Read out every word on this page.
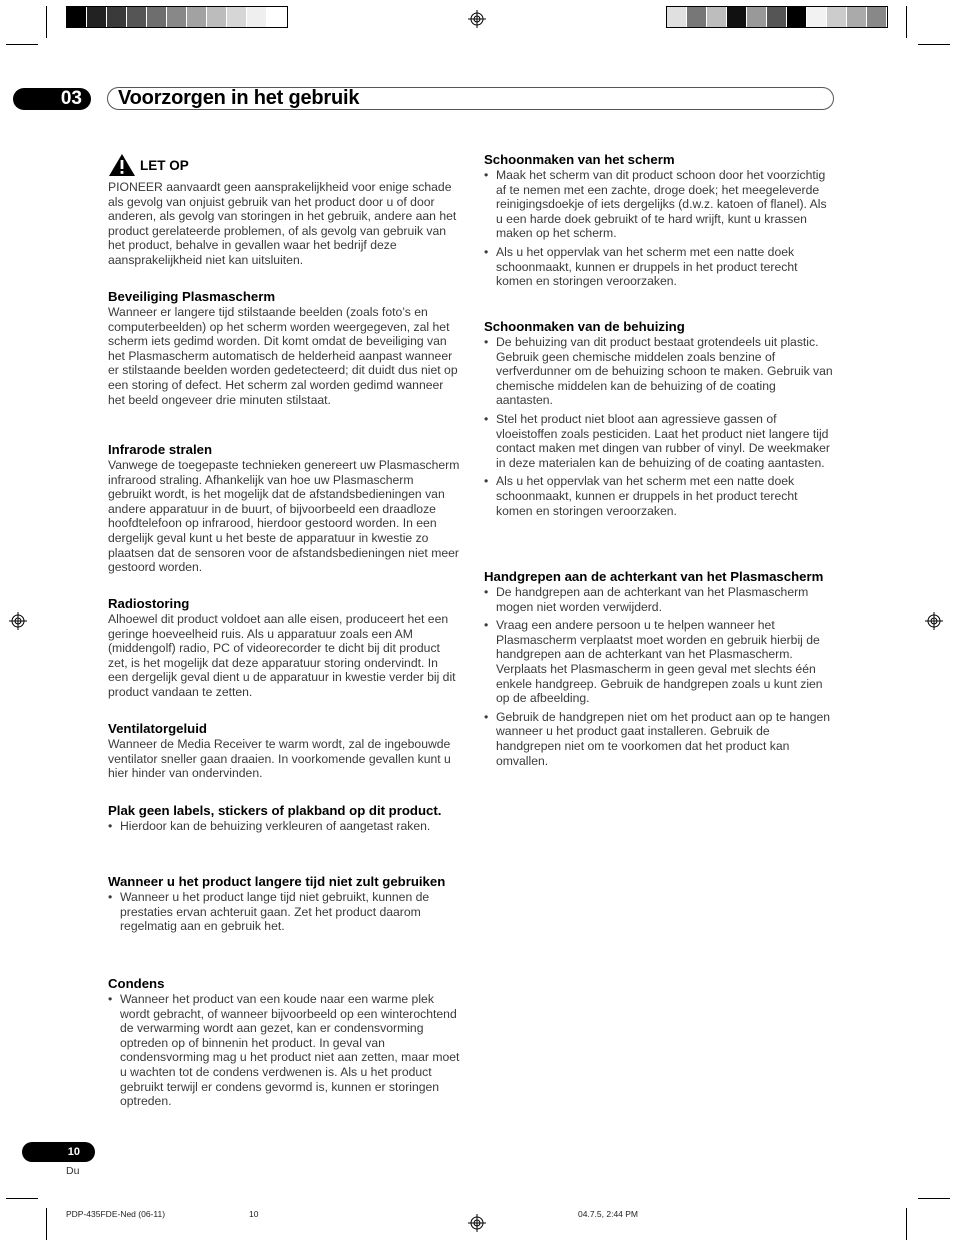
03	Voorzorgen in het gebruik
LET OP

PIONEER aanvaardt geen aansprakelijkheid voor enige schade als gevolg van onjuist gebruik van het product door u of door anderen, als gevolg van storingen in het gebruik, andere aan het product gerelateerde problemen, of als gevolg van gebruik van het product, behalve in gevallen waar het bedrijf deze aansprakelijkheid niet kan uitsluiten.

Beveiliging Plasmascherm

Wanneer er langere tijd stilstaande beelden (zoals foto’s en computerbeelden) op het scherm worden weergegeven, zal het scherm iets gedimd worden. Dit komt omdat de beveiliging van het Plasmascherm automatisch de helderheid aanpast wanneer er stilstaande beelden worden gedetecteerd; dit duidt dus niet op een storing of defect. Het scherm zal worden gedimd wanneer het beeld ongeveer drie minuten stilstaat.

Infrarode stralen

Vanwege de toegepaste technieken genereert uw Plasmascherm infrarood straling. Afhankelijk van hoe uw Plasmascherm gebruikt wordt, is het mogelijk dat de afstandsbedieningen van andere apparatuur in de buurt, of bijvoorbeeld een draadloze hoofdtelefoon op infrarood, hierdoor gestoord worden. In een dergelijk geval kunt u het beste de apparatuur in kwestie zo plaatsen dat de sensoren voor de afstandsbedieningen niet meer gestoord worden.

Radiostoring

Alhoewel dit product voldoet aan alle eisen, produceert het een geringe hoeveelheid ruis. Als u apparatuur zoals een AM (middengolf) radio, PC of videorecorder te dicht bij dit product zet, is het mogelijk dat deze apparatuur storing ondervindt. In een dergelijk geval dient u de apparatuur in kwestie verder bij dit product vandaan te zetten.

Ventilatorgeluid

Wanneer de Media Receiver te warm wordt, zal de ingebouwde ventilator sneller gaan draaien. In voorkomende gevallen kunt u hier hinder van ondervinden.

Plak geen labels, stickers of plakband op dit product.
• Hierdoor kan de behuizing verkleuren of aangetast raken.
Wanneer u het product langere tijd niet zult gebruiken
• Wanneer u het product lange tijd niet gebruikt, kunnen de prestaties ervan achteruit gaan. Zet het product daarom regelmatig aan en gebruik het.
Condens
• Wanneer het product van een koude naar een warme plek wordt gebracht, of wanneer bijvoorbeeld op een winterochtend de verwarming wordt aan gezet, kan er condensvorming optreden op of binnenin het product. In geval van condensvorming mag u het product niet aan zetten, maar moet u wachten tot de condens verdwenen is. Als u het product gebruikt terwijl er condens gevormd is, kunnen er storingen optreden.
Schoonmaken van het scherm
• Maak het scherm van dit product schoon door het voorzichtig af te nemen met een zachte, droge doek; het meegeleverde reinigingsdoekje of iets dergelijks (d.w.z. katoen of flanel). Als u een harde doek gebruikt of te hard wrijft, kunt u krassen maken op het scherm.
• Als u het oppervlak van het scherm met een natte doek schoonmaakt, kunnen er druppels in het product terecht komen en storingen veroorzaken.
Schoonmaken van de behuizing
• De behuizing van dit product bestaat grotendeels uit plastic. Gebruik geen chemische middelen zoals benzine of verfverdunner om de behuizing schoon te maken. Gebruik van chemische middelen kan de behuizing of de coating aantasten.
• Stel het product niet bloot aan agressieve gassen of vloeistoffen zoals pesticiden. Laat het product niet langere tijd contact maken met dingen van rubber of vinyl. De weekmaker in deze materialen kan de behuizing of de coating aantasten.
• Als u het oppervlak van het scherm met een natte doek schoonmaakt, kunnen er druppels in het product terecht komen en storingen veroorzaken.
Handgrepen aan de achterkant van het Plasmascherm
• De handgrepen aan de achterkant van het Plasmascherm mogen niet worden verwijderd.
• Vraag een andere persoon u te helpen wanneer het Plasmascherm verplaatst moet worden en gebruik hierbij de handgrepen aan de achterkant van het Plasmascherm. Verplaats het Plasmascherm in geen geval met slechts één enkele handgreep. Gebruik de handgrepen zoals u kunt zien op de afbeelding.
• Gebruik de handgrepen niet om het product aan op te hangen wanneer u het product gaat installeren. Gebruik de handgrepen niet om te voorkomen dat het product kan omvallen.
10
Du
PDP-435FDE-Ned (06-11)	10	04.7.5, 2:44 PM
